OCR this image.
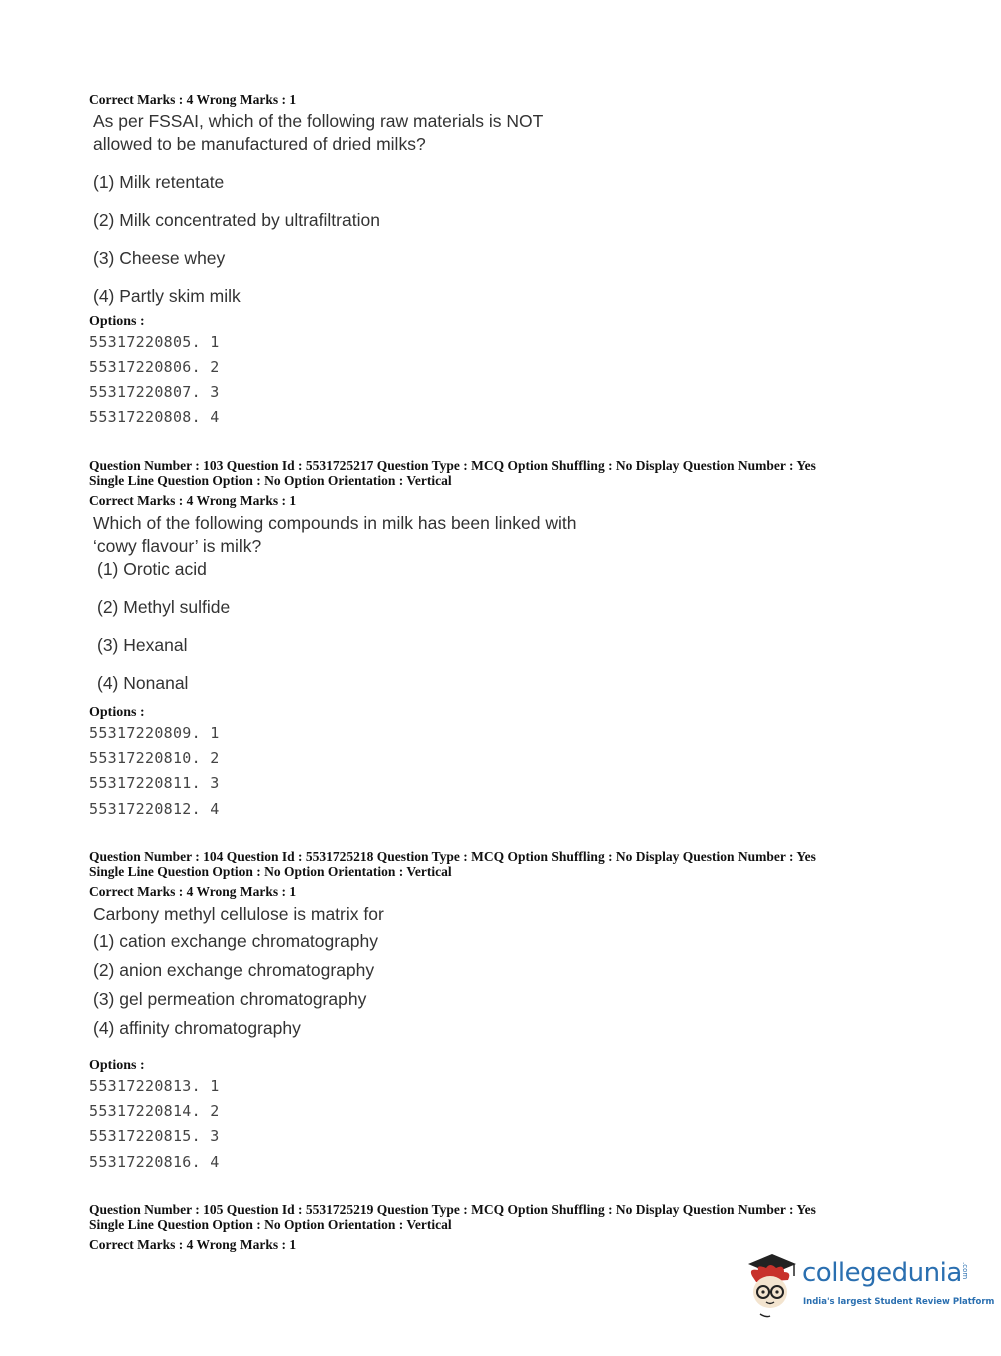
Correct Marks : 4 Wrong Marks : 1
As per FSSAI, which of the following raw materials is NOT
allowed to be manufactured of dried milks?
(1) Milk retentate
(2) Milk concentrated by ultrafiltration
(3) Cheese whey
(4) Partly skim milk
Options :
55317220805. 1
55317220806. 2
55317220807. 3
55317220808. 4
Question Number : 103 Question Id : 5531725217 Question Type : MCQ Option Shuffling : No Display Question Number : Yes
Single Line Question Option : No Option Orientation : Vertical
Correct Marks : 4 Wrong Marks : 1
Which of the following compounds in milk has been linked with
‘cowy flavour’ is milk?
(1) Orotic acid
(2) Methyl sulfide
(3) Hexanal
(4) Nonanal
Options :
55317220809. 1
55317220810. 2
55317220811. 3
55317220812. 4
Question Number : 104 Question Id : 5531725218 Question Type : MCQ Option Shuffling : No Display Question Number : Yes
Single Line Question Option : No Option Orientation : Vertical
Correct Marks : 4 Wrong Marks : 1
Carbony methyl cellulose is matrix for
(1) cation exchange chromatography
(2) anion exchange chromatography
(3) gel permeation chromatography
(4) affinity chromatography
Options :
55317220813. 1
55317220814. 2
55317220815. 3
55317220816. 4
Question Number : 105 Question Id : 5531725219 Question Type : MCQ Option Shuffling : No Display Question Number : Yes
Single Line Question Option : No Option Orientation : Vertical
Correct Marks : 4 Wrong Marks : 1
collegedunia .com
India's largest Student Review Platform
